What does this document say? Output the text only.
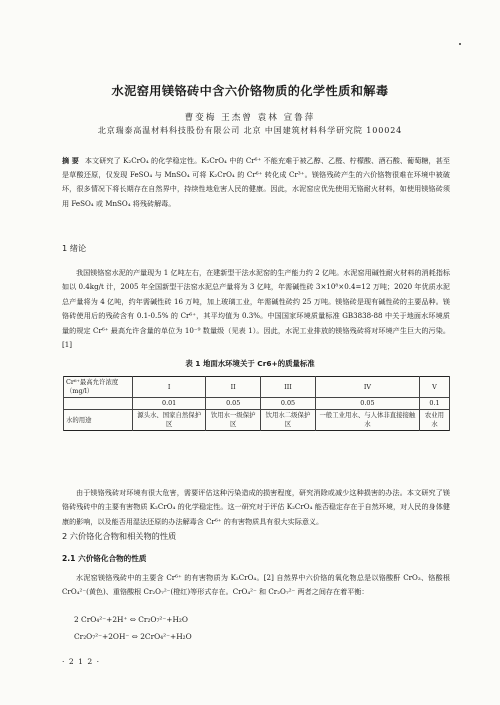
水泥窑用镁铬砖中含六价铬物质的化学性质和解毒
曹变梅 王杰曾 袁林 宣鲁萍
北京瑞泰高温材料科技股份有限公司 北京 中国建筑材料科学研究院 100024
摘 要 本文研究了 K₂CrO₄ 的化学稳定性。K₂CrO₄ 中的 Cr⁶⁺ 不能充难于被乙醇、乙醛、柠檬酸、酒石酸、葡萄糖，甚至是草酸还原，仅发现 FeSO₄ 与 MnSO₄ 可将 K₂CrO₄ 的 Cr⁶⁺ 转化成 Cr³⁺。镁铬残砖产生的六价铬物很难在环境中被破坏，很多情况下将长期存在自然界中，持续性地危害人民的健康。因此，水泥窑应优先使用无铬耐火材料，如使用镁铬砖须用 FeSO₄ 或 MnSO₄ 将残砖解毒。
1 绪论
我国镁铬窑水泥的产量现为 1 亿吨左右，在建新型干法水泥窑的生产能力约 2 亿吨。水泥窑用碱性耐火材料的消耗指标如以 0.4kg/t 计，2005 年全国新型干法窑水泥总产量将为 3 亿吨，年需碱性砖 3×10⁸×0.4=12 万吨；2020 年优质水泥总产量将为 4 亿吨，约年需碱性砖 16 万吨，加上玻璃工业，年需碱性砖约 25 万吨。镁铬砖是现有碱性砖的主要品种。镁铬砖使用后的残砖含有 0.1-0.5% 的 Cr⁶⁺，其平均值为 0.3%。中国国家环境质量标准 GB3838-88 中关于地面水环境质量的规定 Cr⁶⁺ 最高允许含量的单位为 10⁻⁹ 数量级（见表 1）。因此，水泥工业排放的镁铬残砖将对环境产生巨大的污染。[1]
表 1 地面水环境关于 Cr6+的质量标准
Cr⁶⁺最高允许浓度（mg/l）	I	II	III	IV	V
	0.01	0.05	0.05	0.05	0.1
水的用途	源头水、国家自然保护区	饮用水一级保护区	饮用水二级保护区	一般工业用水、与人体非直接接触水	农业用水
由于镁铬残砖对环境有很大危害，需要评估这种污染造成的损害程度，研究消除或减少这种损害的办法。本文研究了镁铬砖残砖中的主要有害物质 K₂CrO₄ 的化学稳定性。这一研究对于评估 K₂CrO₄ 能否稳定存在于自然环境，对人民的身体健康的影响，以及能否用湿法还原的办法解毒含 Cr⁶⁺ 的有害物质具有很大实际意义。
2 六价铬化合物和相关物的性质
2.1 六价铬化合物的性质
水泥窑镁铬残砖中的主要含 Cr⁶⁺ 的有害物质为 K₂CrO₄。[2] 自然界中六价铬的氧化物总是以铬酸酐 CrO₃、铬酸根 CrO₄²⁻(黄色)、重铬酸根 Cr₂O₇²⁻(橙红)等形式存在。CrO₄²⁻ 和 Cr₂O₇²⁻ 两者之间存在着平衡：
2 CrO₄²⁻+2H⁺ ⇔ Cr₂O₇²⁻+H₂O
Cr₂O₇²⁻+2OH⁻ ⇔ 2CrO₄²⁻+H₂O
· 2 1 2 ·
